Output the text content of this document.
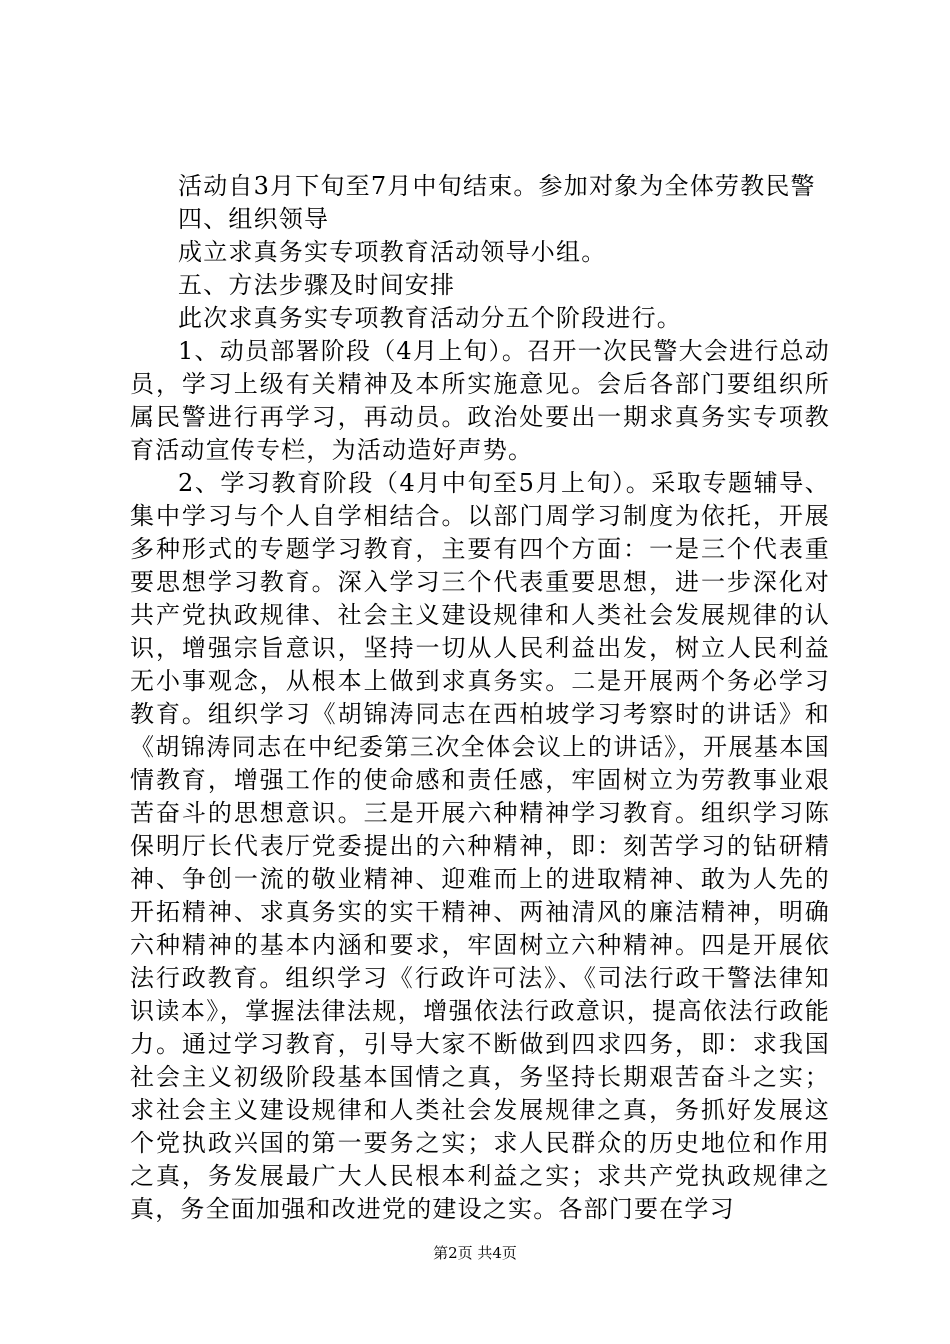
活动自3月下旬至7月中旬结束。参加对象为全体劳教民警

四、组织领导

成立求真务实专项教育活动领导小组。

五、方法步骤及时间安排

此次求真务实专项教育活动分五个阶段进行。

1、动员部署阶段（4月上旬）。召开一次民警大会进行总动员，学习上级有关精神及本所实施意见。会后各部门要组织所属民警进行再学习，再动员。政治处要出一期求真务实专项教育活动宣传专栏，为活动造好声势。

2、学习教育阶段（4月中旬至5月上旬）。采取专题辅导、集中学习与个人自学相结合。以部门周学习制度为依托，开展多种形式的专题学习教育，主要有四个方面：一是三个代表重要思想学习教育。深入学习三个代表重要思想，进一步深化对共产党执政规律、社会主义建设规律和人类社会发展规律的认识，增强宗旨意识，坚持一切从人民利益出发，树立人民利益无小事观念，从根本上做到求真务实。二是开展两个务必学习教育。组织学习《胡锦涛同志在西柏坡学习考察时的讲话》和《胡锦涛同志在中纪委第三次全体会议上的讲话》，开展基本国情教育，增强工作的使命感和责任感，牢固树立为劳教事业艰苦奋斗的思想意识。三是开展六种精神学习教育。组织学习陈保明厅长代表厅党委提出的六种精神，即：刻苦学习的钻研精神、争创一流的敬业精神、迎难而上的进取精神、敢为人先的开拓精神、求真务实的实干精神、两袖清风的廉洁精神，明确六种精神的基本内涵和要求，牢固树立六种精神。四是开展依法行政教育。组织学习《行政许可法》、《司法行政干警法律知识读本》，掌握法律法规，增强依法行政意识，提高依法行政能力。通过学习教育，引导大家不断做到四求四务，即：求我国社会主义初级阶段基本国情之真，务坚持长期艰苦奋斗之实；求社会主义建设规律和人类社会发展规律之真，务抓好发展这个党执政兴国的第一要务之实；求人民群众的历史地位和作用之真，务发展最广大人民根本利益之实；求共产党执政规律之真，务全面加强和改进党的建设之实。各部门要在学习

第2页 共4页
